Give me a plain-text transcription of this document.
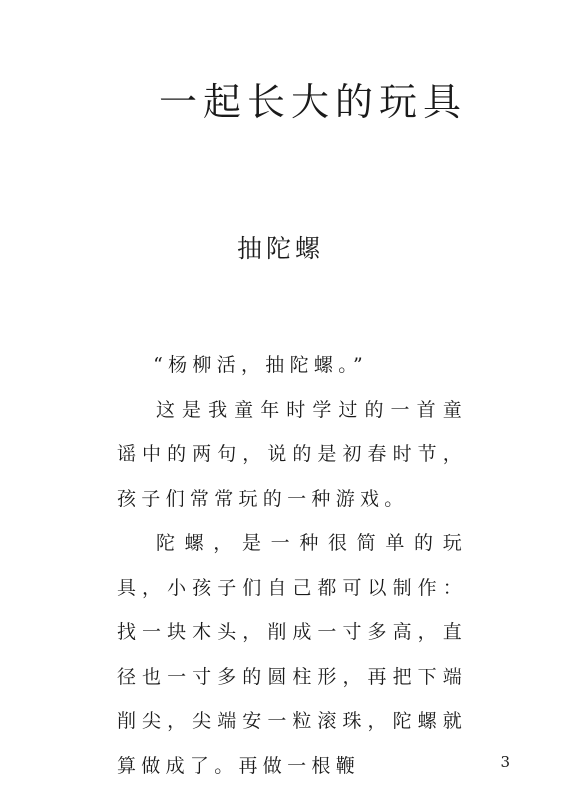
一起长大的玩具
抽陀螺

“杨柳活，抽陀螺。”

这是我童年时学过的一首童谣中的两句，说的是初春时节，孩子们常常玩的一种游戏。

陀螺，是一种很简单的玩具，小孩子们自己都可以制作：找一块木头，削成一寸多高，直径也一寸多的圆柱形，再把下端削尖，尖端安一粒滚珠，陀螺就算做成了。再做一根鞭	3
